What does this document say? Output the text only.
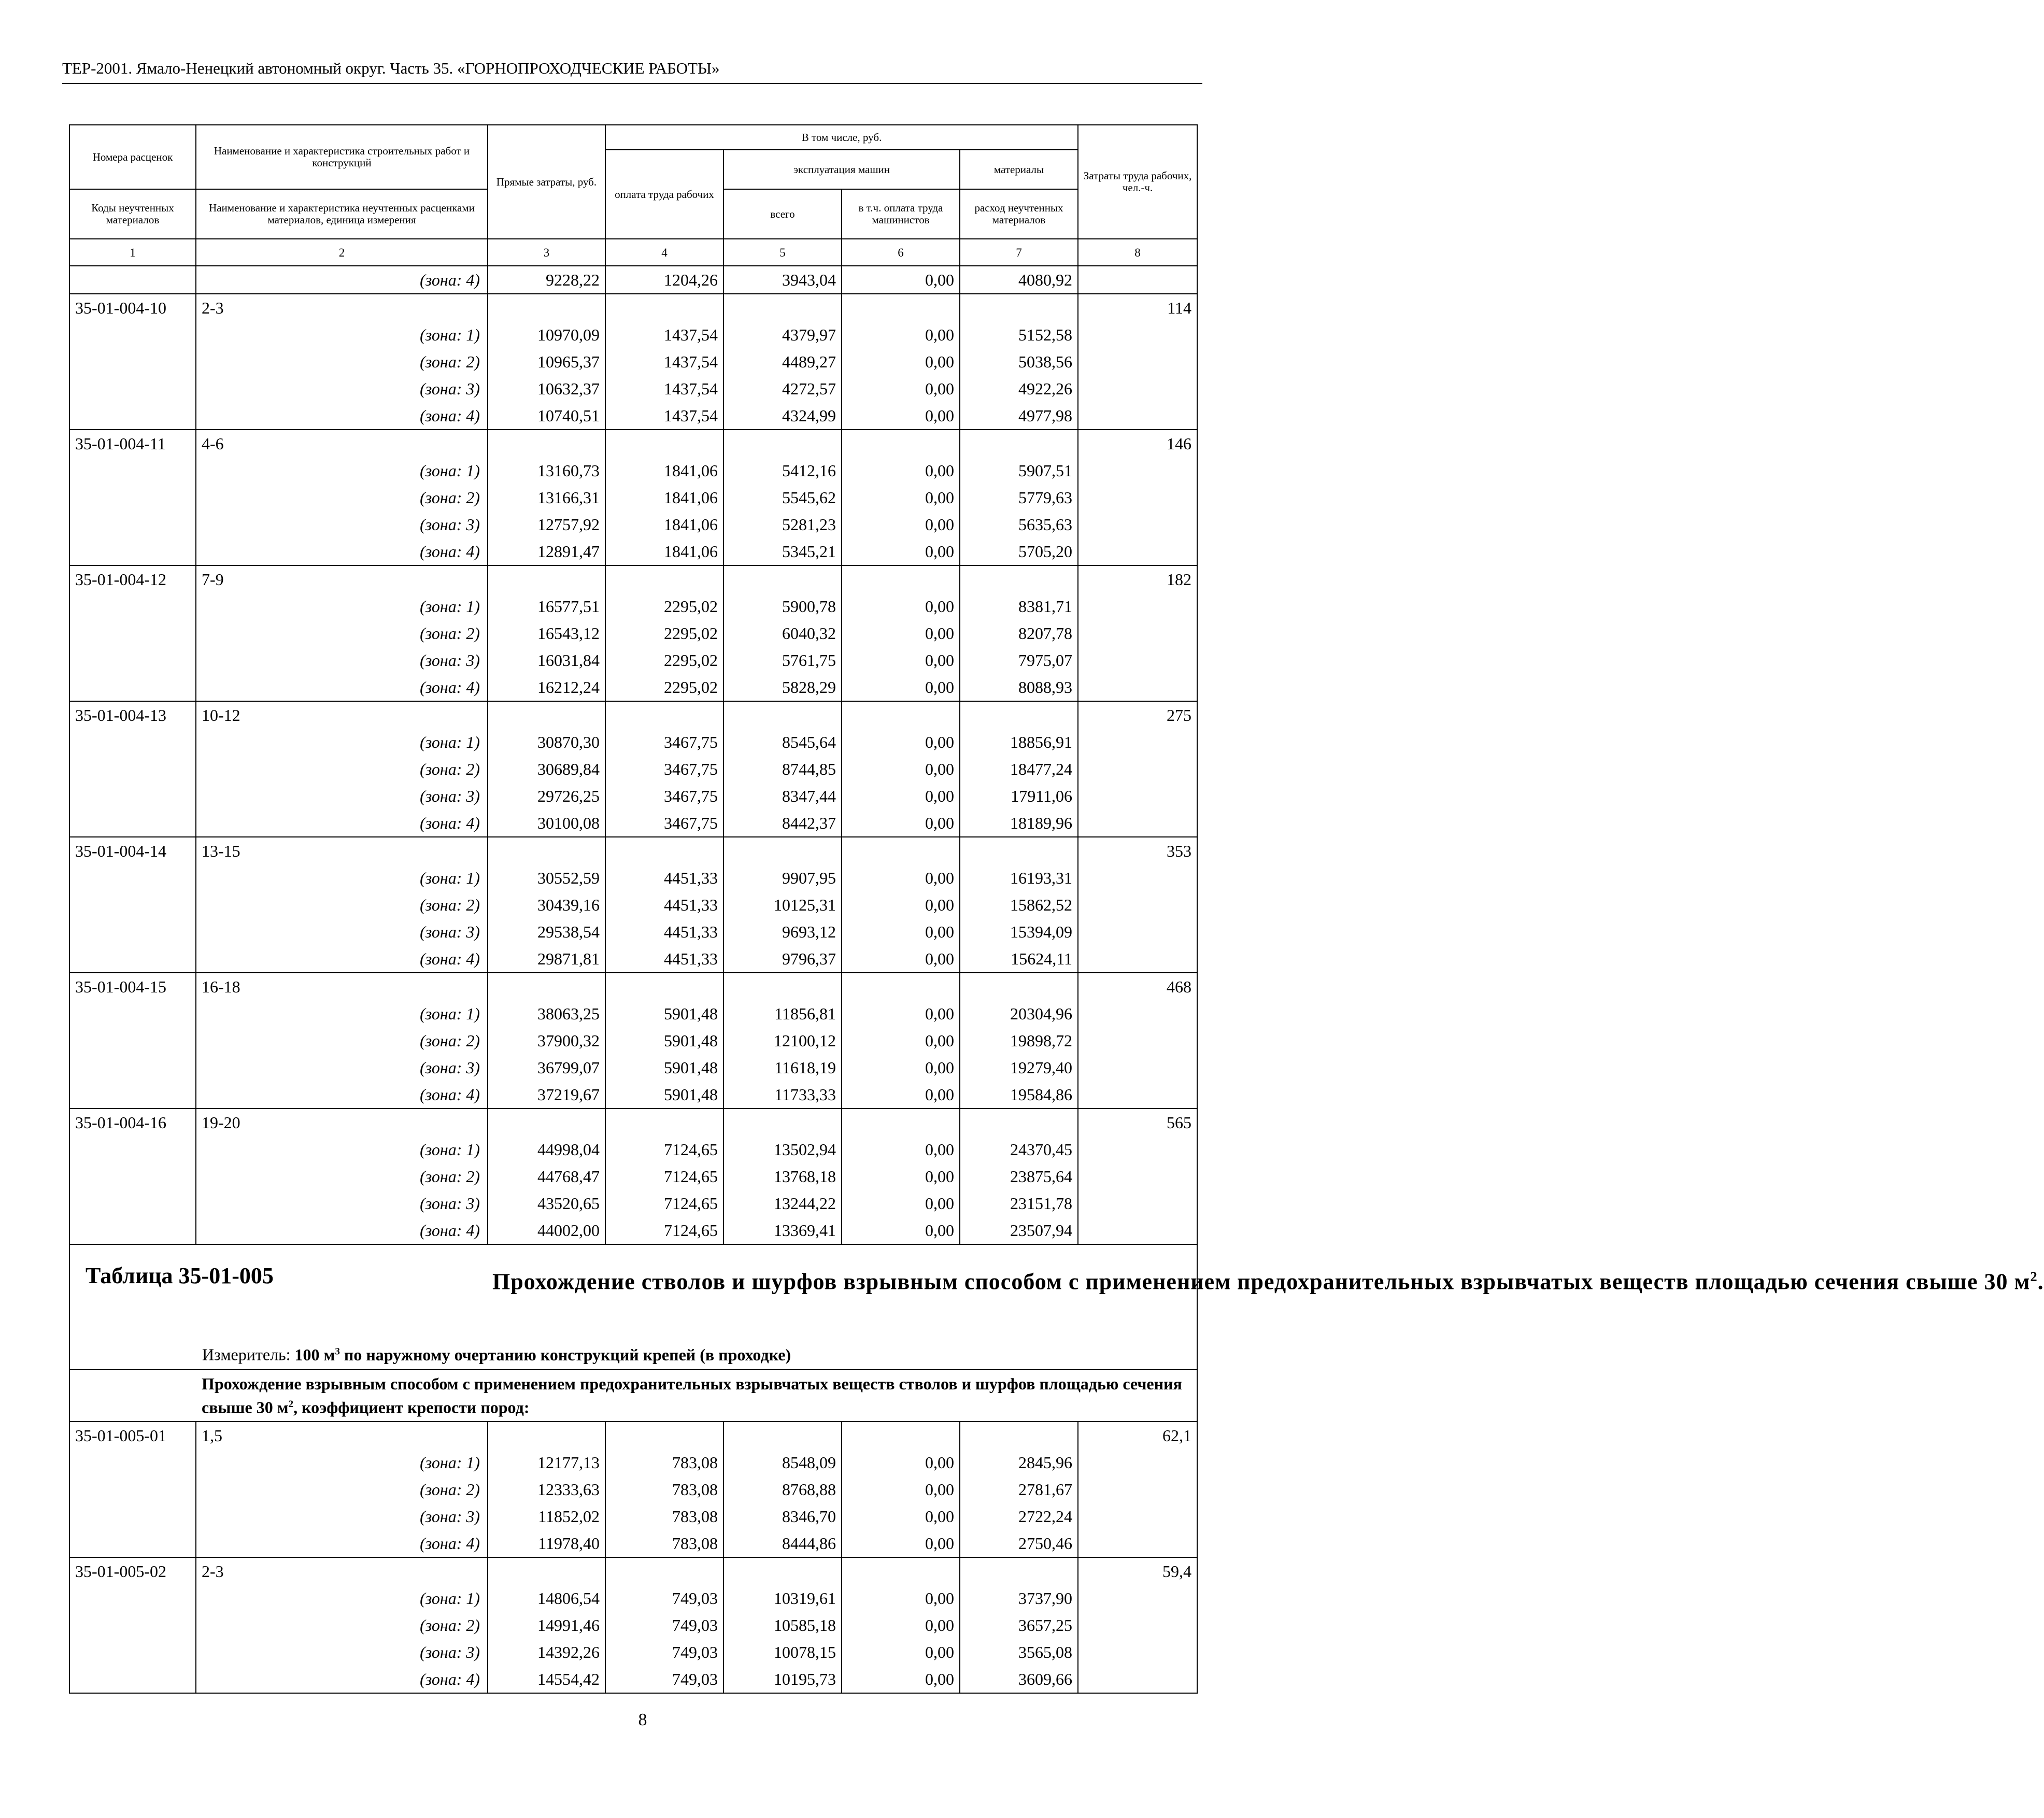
ТЕР-2001. Ямало-Ненецкий автономный округ. Часть 35. «ГОРНОПРОХОДЧЕСКИЕ РАБОТЫ»
Номера расценок	Наименование и характеристика строительных работ и конструкций	Прямые затраты, руб.	В том числе, руб.				Затраты труда рабочих, чел.-ч.
			оплата труда рабочих	эксплуатация машин		материалы	
Коды неучтенных материалов	Наименование и характеристика неучтенных расценками материалов, единица измерения			всего	в т.ч. оплата труда машинистов	расход неучтенных материалов	
1	2	3	4	5	6	7	8
	(зона: 4)	9228,22	1204,26	3943,04	0,00	4080,92	
35-01-004-10	2-3						114
	(зона: 1)	10970,09	1437,54	4379,97	0,00	5152,58	
	(зона: 2)	10965,37	1437,54	4489,27	0,00	5038,56	
	(зона: 3)	10632,37	1437,54	4272,57	0,00	4922,26	
	(зона: 4)	10740,51	1437,54	4324,99	0,00	4977,98	
35-01-004-11	4-6						146
	(зона: 1)	13160,73	1841,06	5412,16	0,00	5907,51	
	(зона: 2)	13166,31	1841,06	5545,62	0,00	5779,63	
	(зона: 3)	12757,92	1841,06	5281,23	0,00	5635,63	
	(зона: 4)	12891,47	1841,06	5345,21	0,00	5705,20	
35-01-004-12	7-9						182
	(зона: 1)	16577,51	2295,02	5900,78	0,00	8381,71	
	(зона: 2)	16543,12	2295,02	6040,32	0,00	8207,78	
	(зона: 3)	16031,84	2295,02	5761,75	0,00	7975,07	
	(зона: 4)	16212,24	2295,02	5828,29	0,00	8088,93	
35-01-004-13	10-12						275
	(зона: 1)	30870,30	3467,75	8545,64	0,00	18856,91	
	(зона: 2)	30689,84	3467,75	8744,85	0,00	18477,24	
	(зона: 3)	29726,25	3467,75	8347,44	0,00	17911,06	
	(зона: 4)	30100,08	3467,75	8442,37	0,00	18189,96	
35-01-004-14	13-15						353
	(зона: 1)	30552,59	4451,33	9907,95	0,00	16193,31	
	(зона: 2)	30439,16	4451,33	10125,31	0,00	15862,52	
	(зона: 3)	29538,54	4451,33	9693,12	0,00	15394,09	
	(зона: 4)	29871,81	4451,33	9796,37	0,00	15624,11	
35-01-004-15	16-18						468
	(зона: 1)	38063,25	5901,48	11856,81	0,00	20304,96	
	(зона: 2)	37900,32	5901,48	12100,12	0,00	19898,72	
	(зона: 3)	36799,07	5901,48	11618,19	0,00	19279,40	
	(зона: 4)	37219,67	5901,48	11733,33	0,00	19584,86	
35-01-004-16	19-20						565
	(зона: 1)	44998,04	7124,65	13502,94	0,00	24370,45	
	(зона: 2)	44768,47	7124,65	13768,18	0,00	23875,64	
	(зона: 3)	43520,65	7124,65	13244,22	0,00	23151,78	
	(зона: 4)	44002,00	7124,65	13369,41	0,00	23507,94	

Таблица 35-01-005 Прохождение стволов и шурфов взрывным способом с применением предохранительных взрывчатых веществ площадью сечения свыше 30 $м^2$.
Измеритель: 100 $м^3$ по наружному очертанию конструкций крепей (в проходке)							

Прохождение взрывным способом с применением предохранительных взрывчатых веществ стволов и шурфов площадью сечения свыше 30 $м^2$, коэффициент крепости пород:							

35-01-005-01	1,5						62,1
	(зона: 1)	12177,13	783,08	8548,09	0,00	2845,96	
	(зона: 2)	12333,63	783,08	8768,88	0,00	2781,67	
	(зона: 3)	11852,02	783,08	8346,70	0,00	2722,24	
	(зона: 4)	11978,40	783,08	8444,86	0,00	2750,46	
35-01-005-02	2-3						59,4
	(зона: 1)	14806,54	749,03	10319,61	0,00	3737,90	
	(зона: 2)	14991,46	749,03	10585,18	0,00	3657,25	
	(зона: 3)	14392,26	749,03	10078,15	0,00	3565,08	
	(зона: 4)	14554,42	749,03	10195,73	0,00	3609,66	
8
